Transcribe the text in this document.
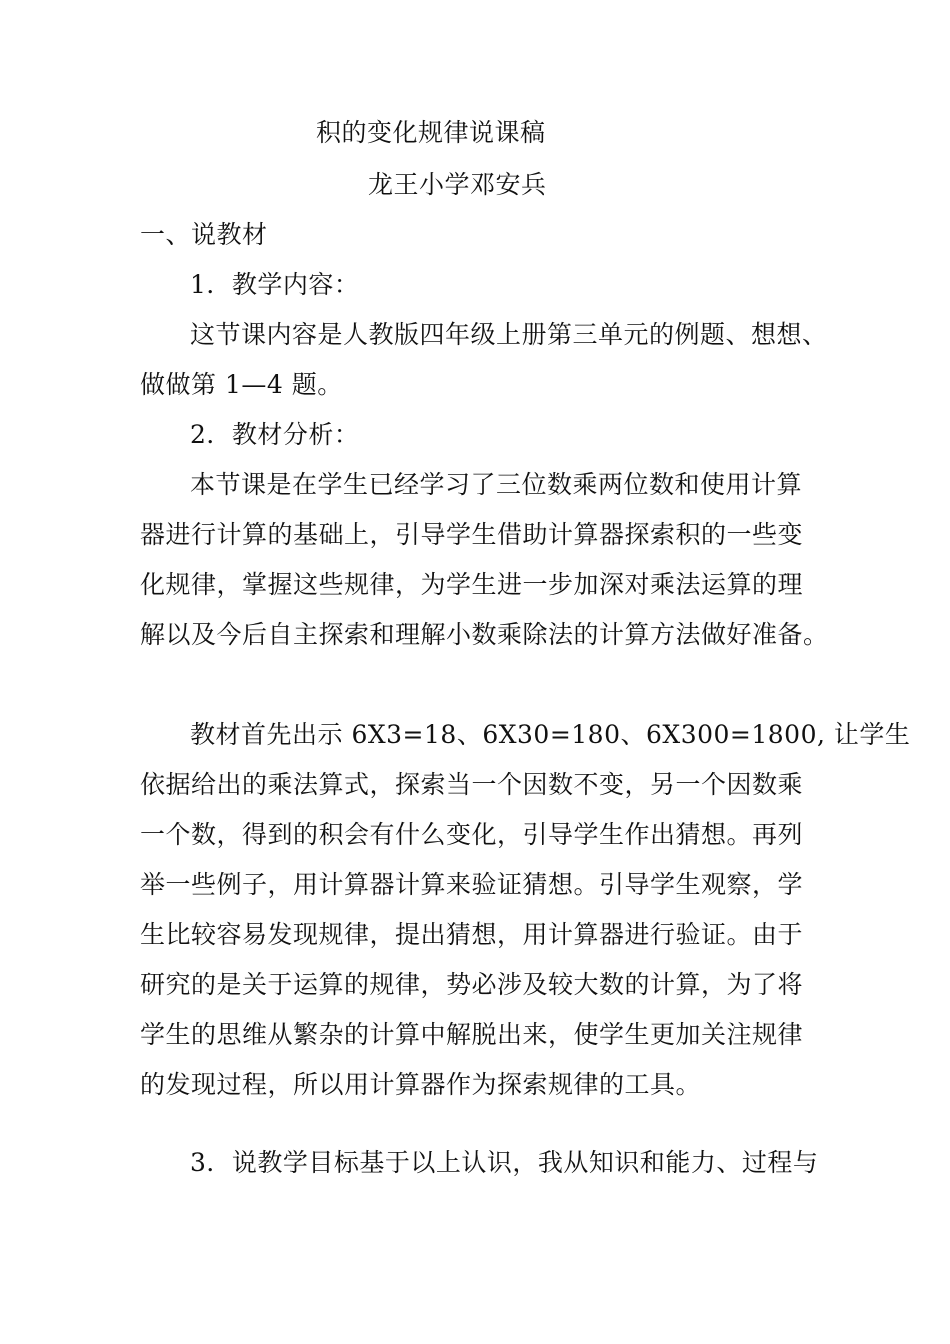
积的变化规律说课稿
龙王小学邓安兵
一、说教材
1．教学内容：
这节课内容是人教版四年级上册第三单元的例题、想想、
做做第 1—4 题。
2．教材分析：
本节课是在学生已经学习了三位数乘两位数和使用计算
器进行计算的基础上，引导学生借助计算器探索积的一些变
化规律，掌握这些规律，为学生进一步加深对乘法运算的理
解以及今后自主探索和理解小数乘除法的计算方法做好准备。
教材首先出示 6X3=18、6X30=180、6X300=1800, 让学生
依据给出的乘法算式，探索当一个因数不变，另一个因数乘
一个数，得到的积会有什么变化，引导学生作出猜想。再列
举一些例子，用计算器计算来验证猜想。引导学生观察，学
生比较容易发现规律，提出猜想，用计算器进行验证。由于
研究的是关于运算的规律，势必涉及较大数的计算，为了将
学生的思维从繁杂的计算中解脱出来，使学生更加关注规律
的发现过程，所以用计算器作为探索规律的工具。
3．说教学目标基于以上认识，我从知识和能力、过程与
